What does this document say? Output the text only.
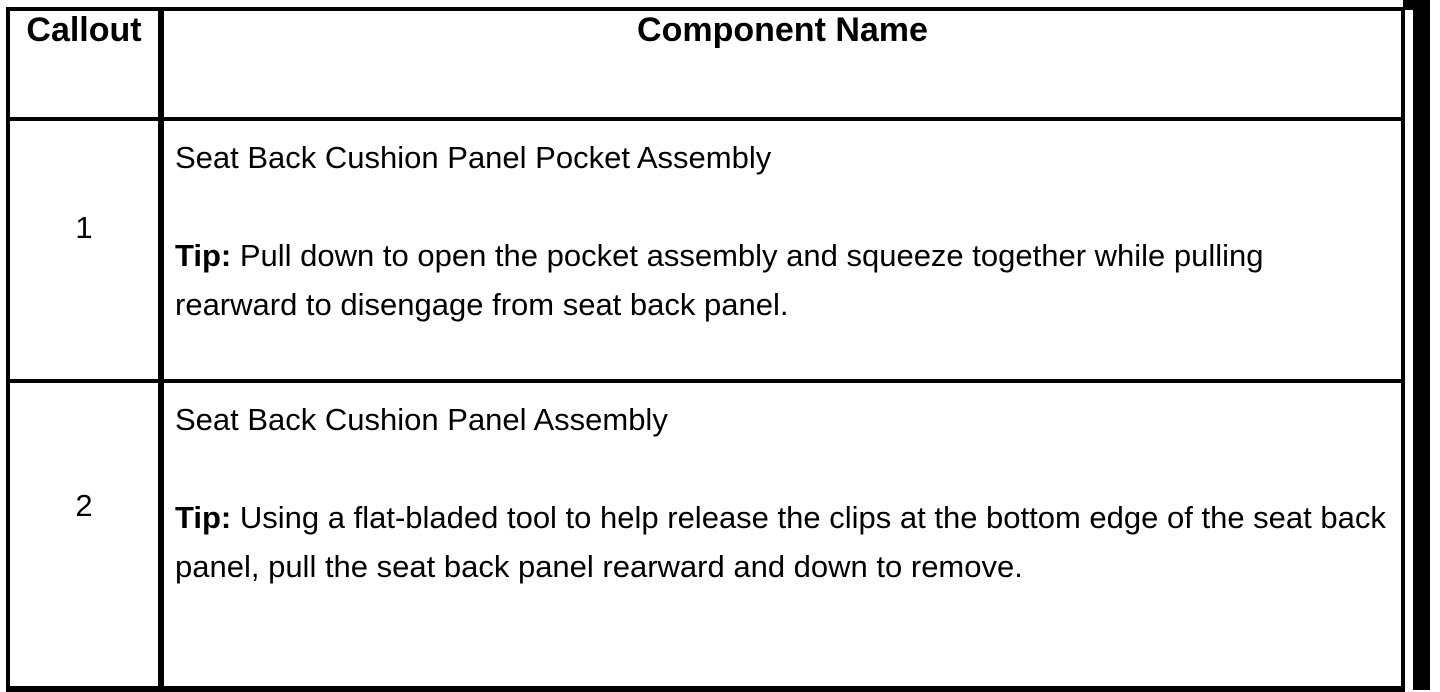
Callout	Component Name
1	Seat Back Cushion Panel Pocket Assembly
Tip: Pull down to open the pocket assembly and squeeze together while pulling rearward to disengage from seat back panel.

2	Seat Back Cushion Panel Assembly
Tip: Using a flat-bladed tool to help release the clips at the bottom edge of the seat back panel, pull the seat back panel rearward and down to remove.
